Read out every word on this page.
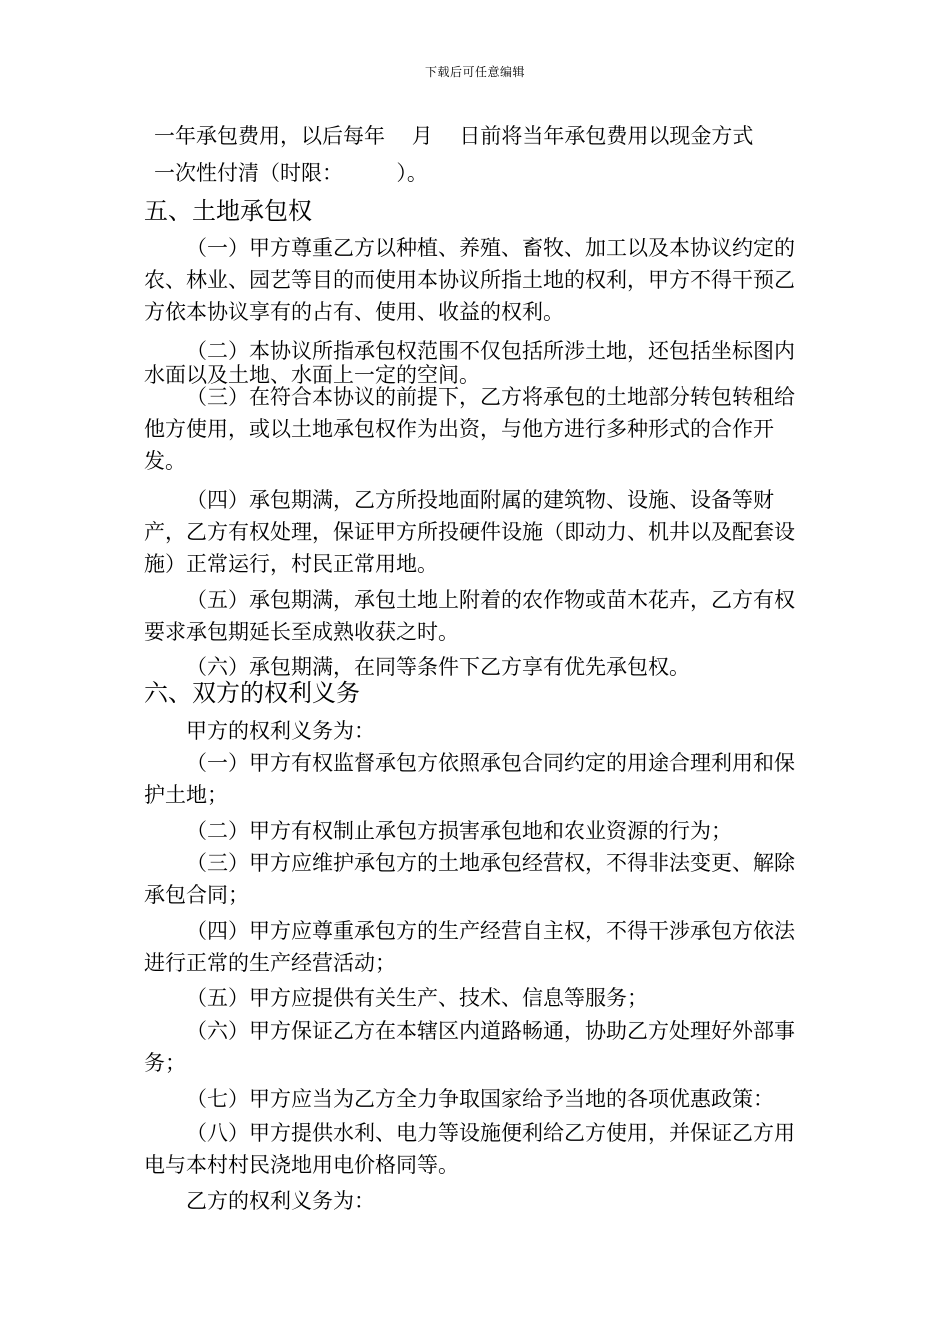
下载后可任意编辑

一年承包费用，以后每年    月    日前将当年承包费用以现金方式

一次性付清（时限：        ）。

五、土地承包权

（一）甲方尊重乙方以种植、养殖、畜牧、加工以及本协议约定的农、林业、园艺等目的而使用本协议所指土地的权利，甲方不得干预乙方依本协议享有的占有、使用、收益的权利。

（二）本协议所指承包权范围不仅包括所涉土地，还包括坐标图内水面以及土地、水面上一定的空间。

（三）在符合本协议的前提下，乙方将承包的土地部分转包转租给他方使用，或以土地承包权作为出资，与他方进行多种形式的合作开发。

（四）承包期满，乙方所投地面附属的建筑物、设施、设备等财产，乙方有权处理，保证甲方所投硬件设施（即动力、机井以及配套设施）正常运行，村民正常用地。

（五）承包期满，承包土地上附着的农作物或苗木花卉，乙方有权要求承包期延长至成熟收获之时。

（六）承包期满，在同等条件下乙方享有优先承包权。

六、双方的权利义务

甲方的权利义务为：

（一）甲方有权监督承包方依照承包合同约定的用途合理利用和保护土地；

（二）甲方有权制止承包方损害承包地和农业资源的行为；

（三）甲方应维护承包方的土地承包经营权，不得非法变更、解除承包合同；

（四）甲方应尊重承包方的生产经营自主权，不得干涉承包方依法进行正常的生产经营活动；

（五）甲方应提供有关生产、技术、信息等服务；

（六）甲方保证乙方在本辖区内道路畅通，协助乙方处理好外部事务；

（七）甲方应当为乙方全力争取国家给予当地的各项优惠政策：

（八）甲方提供水利、电力等设施便利给乙方使用，并保证乙方用电与本村村民浇地用电价格同等。

乙方的权利义务为：
